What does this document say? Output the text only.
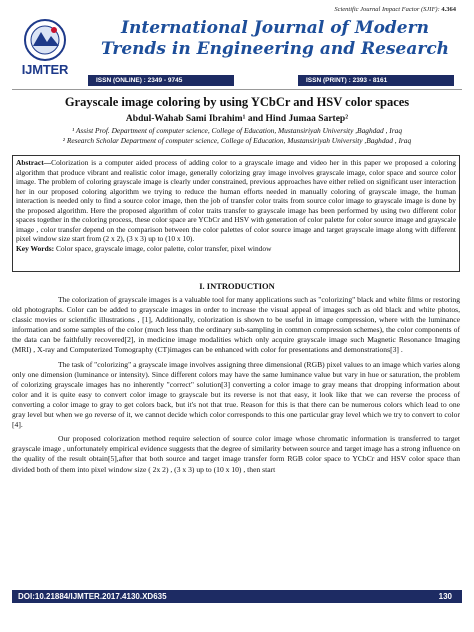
Scientific Journal Impact Factor (SJIF): 4.364
IJMTER
International Journal of Modern Trends in Engineering and Research
ISSN (ONLINE) : 2349 - 9745	ISSN (PRINT) : 2393 - 8161
Grayscale image coloring by using YCbCr and HSV color spaces
Abdul-Wahab Sami Ibrahim¹ and Hind Jumaa Sartep²
¹ Assist Prof. Department of computer science, College of Education, Mustansiriyah University ,Baghdad , Iraq
² Research Scholar Department of computer science, College of Education, Mustansiriyah University ,Baghdad , Iraq
Abstract—Colorization is a computer aided process of adding color to a grayscale image and video her in this paper we proposed a coloring algorithm that produce vibrant and realistic color image, generally colorizing gray image involves grayscale image, color space and source color image. The problem of coloring grayscale image is clearly under constrained, previous approaches have either relied on significant user interaction her in our proposed coloring algorithm we trying to reduce the human efforts needed in manually coloring of grayscale image, the human interaction is needed only to find a source color image, then the job of transfer color traits from source color image to grayscale image is done by the proposed algorithm. Here the proposed algorithm of color traits transfer to grayscale image has been performed by using two different color spaces together in the coloring process, these color space are YCbCr and HSV with generation of color palette for color source image and grayscale image , color transfer depend on the comparison between the color palettes of color source image and target grayscale image along with different pixel window size start from (2 x 2), (3 x 3) up to (10 x 10).
Key Words: Color space, grayscale image, color palette, color transfer, pixel window
I. INTRODUCTION

The colorization of grayscale images is a valuable tool for many applications such as "colorizing" black and white films or restoring old photographs. Color can be added to grayscale images in order to increase the visual appeal of images such as old black and white photos, classic movies or scientific illustrations , [1], Additionally, colorization is shown to be useful in image compression, where with the luminance information and some samples of the color (much less than the ordinary sub-sampling in common compression schemes), the color components of the data can be faithfully recovered[2], in medicine image modalities which only acquire grayscale image such Magnetic Resonance Imaging (MRI) , X-ray and Computerized Tomography (CT)images can be enhanced with color for presentations and demonstrations[3] .

The task of "colorizing" a grayscale image involves assigning three dimensional (RGB) pixel values to an image which varies along only one dimension (luminance or intensity). Since different colors may have the same luminance value but vary in hue or saturation, the problem of colorizing grayscale images has no inherently "correct" solution[3] converting a color image to gray means that dropping information about color and it is quite easy to convert color image to grayscale but its reverse is not that easy, it look like that we can reverse the process of converting a color image to gray to get colors back, but it's not that true. Reason for this is that there can be numerous colors which lead to one gray level but when we go reverse of it, we cannot decide which color corresponds to this one particular gray level which we try to convert to color [4].

Our proposed colorization method require selection of source color image whose chromatic information is transferred to target grayscale image , unfortunately empirical evidence suggests that the degree of similarity between source and target image has a strong influence on the quality of the result obtain[5],after that both source and target image transfer form RGB color space to YCbCr and HSV color space than divided both of them into pixel window size ( 2x 2) , (3 x 3) up to (10 x 10) , then start

DOI:10.21884/IJMTER.2017.4130.XD635	130
